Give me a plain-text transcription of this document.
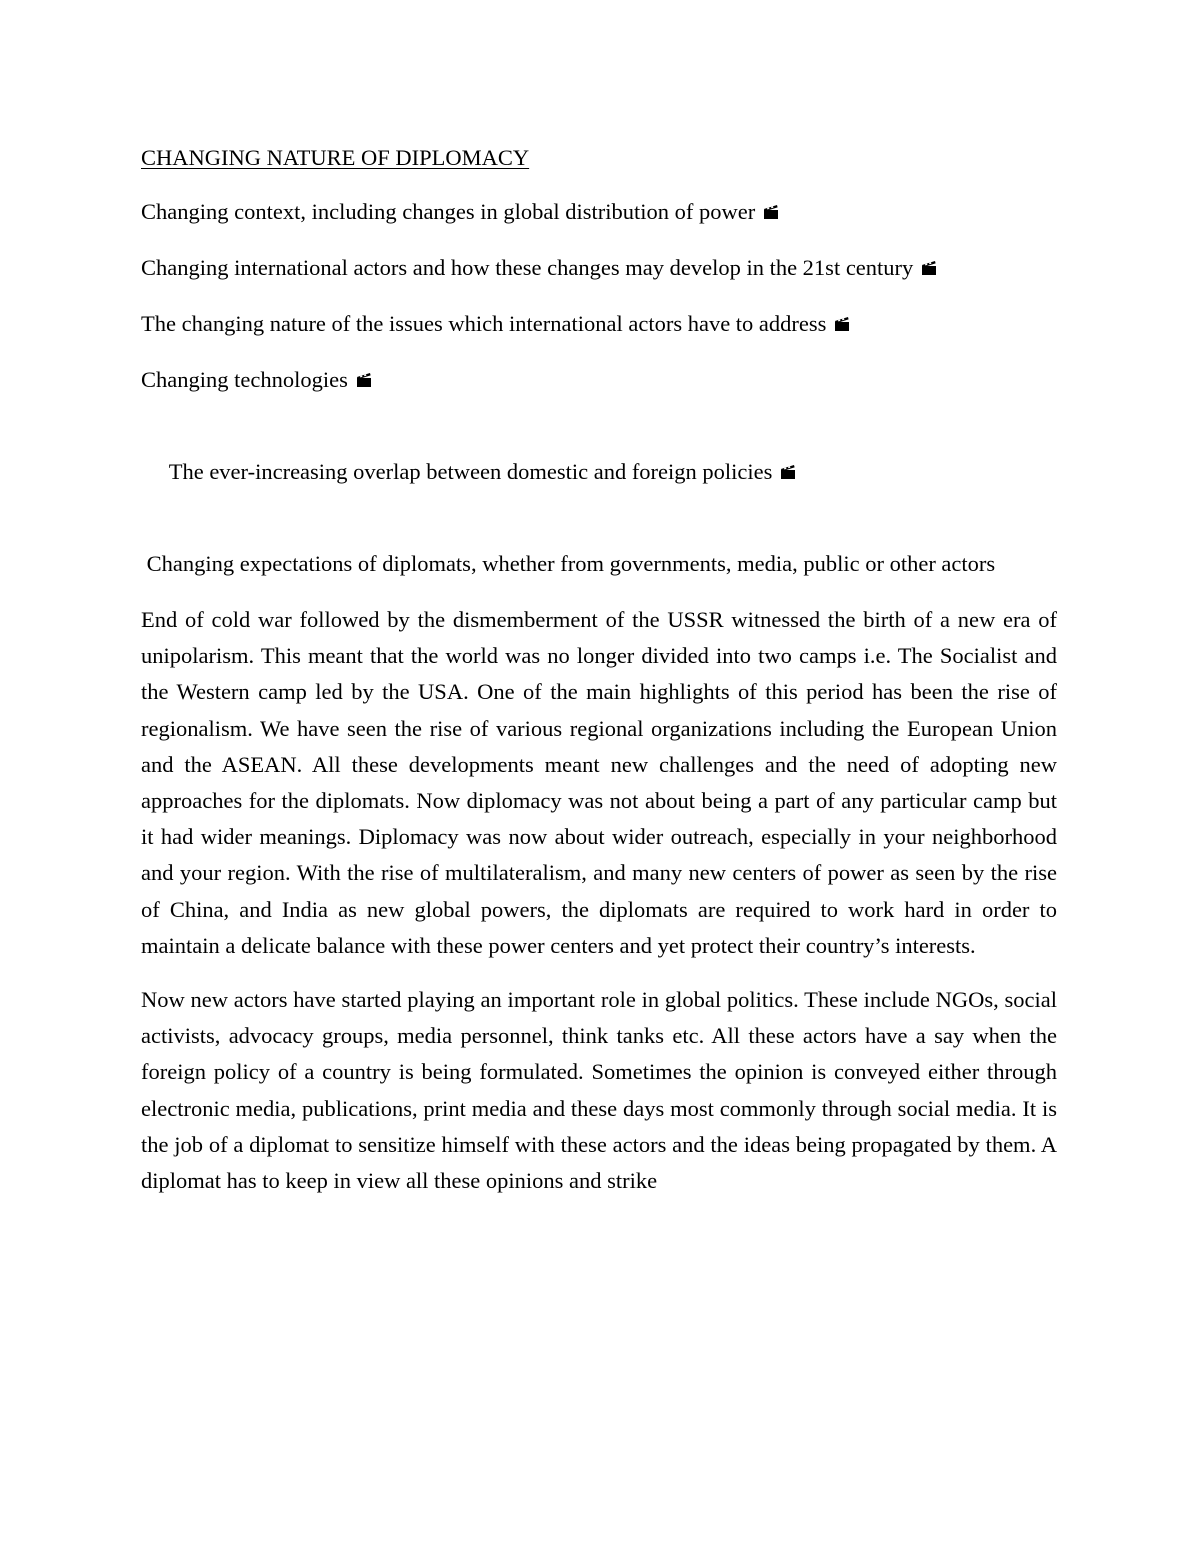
CHANGING NATURE OF DIPLOMACY
Changing context, including changes in global distribution of power
Changing international actors and how these changes may develop in the 21st century
The changing nature of the issues which international actors have to address
Changing technologies

The ever-increasing overlap between domestic and foreign policies

Changing expectations of diplomats, whether from governments, media, public or other actors

End of cold war followed by the dismemberment of the USSR witnessed the birth of a new era of unipolarism. This meant that the world was no longer divided into two camps i.e. The Socialist and the Western camp led by the USA. One of the main highlights of this period has been the rise of regionalism. We have seen the rise of various regional organizations including the European Union and the ASEAN. All these developments meant new challenges and the need of adopting new approaches for the diplomats. Now diplomacy was not about being a part of any particular camp but it had wider meanings. Diplomacy was now about wider outreach, especially in your neighborhood and your region. With the rise of multilateralism, and many new centers of power as seen by the rise of China, and India as new global powers, the diplomats are required to work hard in order to maintain a delicate balance with these power centers and yet protect their country’s interests.

Now new actors have started playing an important role in global politics. These include NGOs, social activists, advocacy groups, media personnel, think tanks etc. All these actors have a say when the foreign policy of a country is being formulated. Sometimes the opinion is conveyed either through electronic media, publications, print media and these days most commonly through social media. It is the job of a diplomat to sensitize himself with these actors and the ideas being propagated by them. A diplomat has to keep in view all these opinions and strike
